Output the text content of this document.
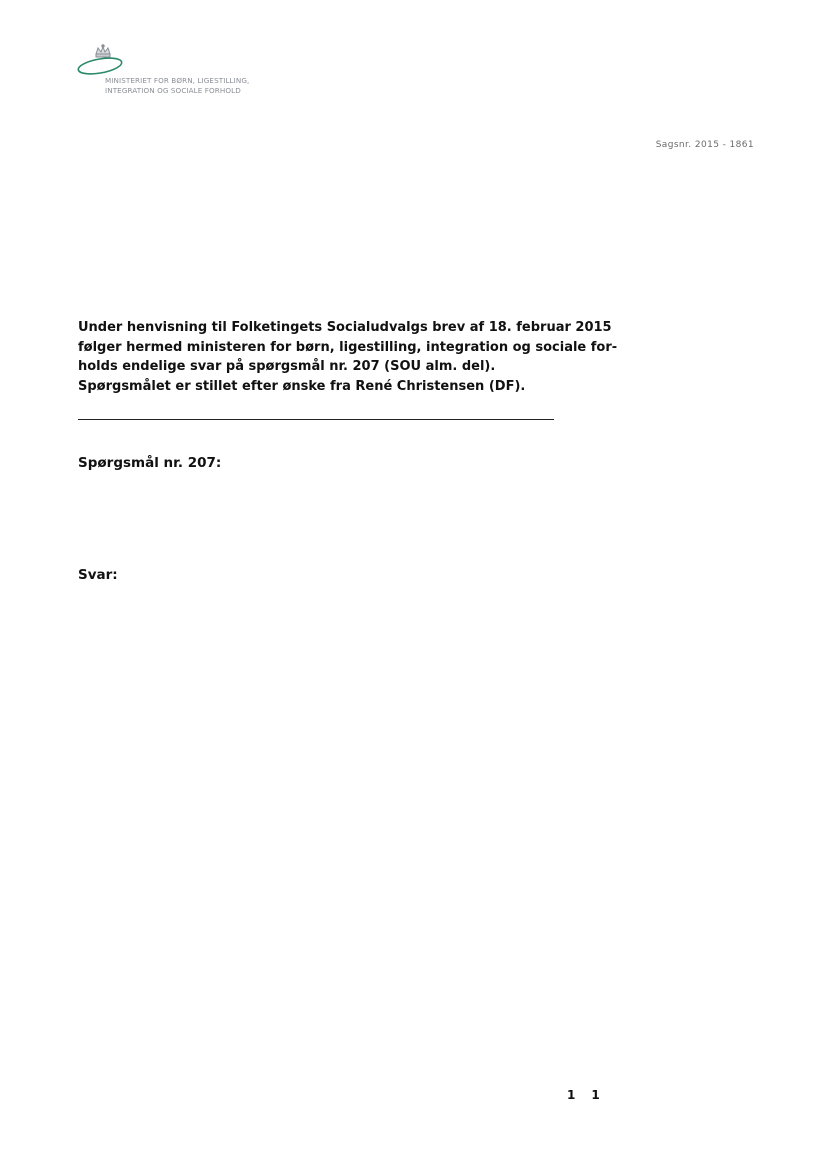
MINISTERIET FOR BØRN, LIGESTILLING,
INTEGRATION OG SOCIALE FORHOLD
Sagsnr. 2015 - 1861
Under henvisning til Folketingets Socialudvalgs brev af 18. februar 2015
følger hermed ministeren for børn, ligestilling, integration og sociale for-
holds endelige svar på spørgsmål nr. 207 (SOU alm. del).
Spørgsmålet er stillet efter ønske fra René Christensen (DF).
Spørgsmål nr. 207:
Svar:
1 1
